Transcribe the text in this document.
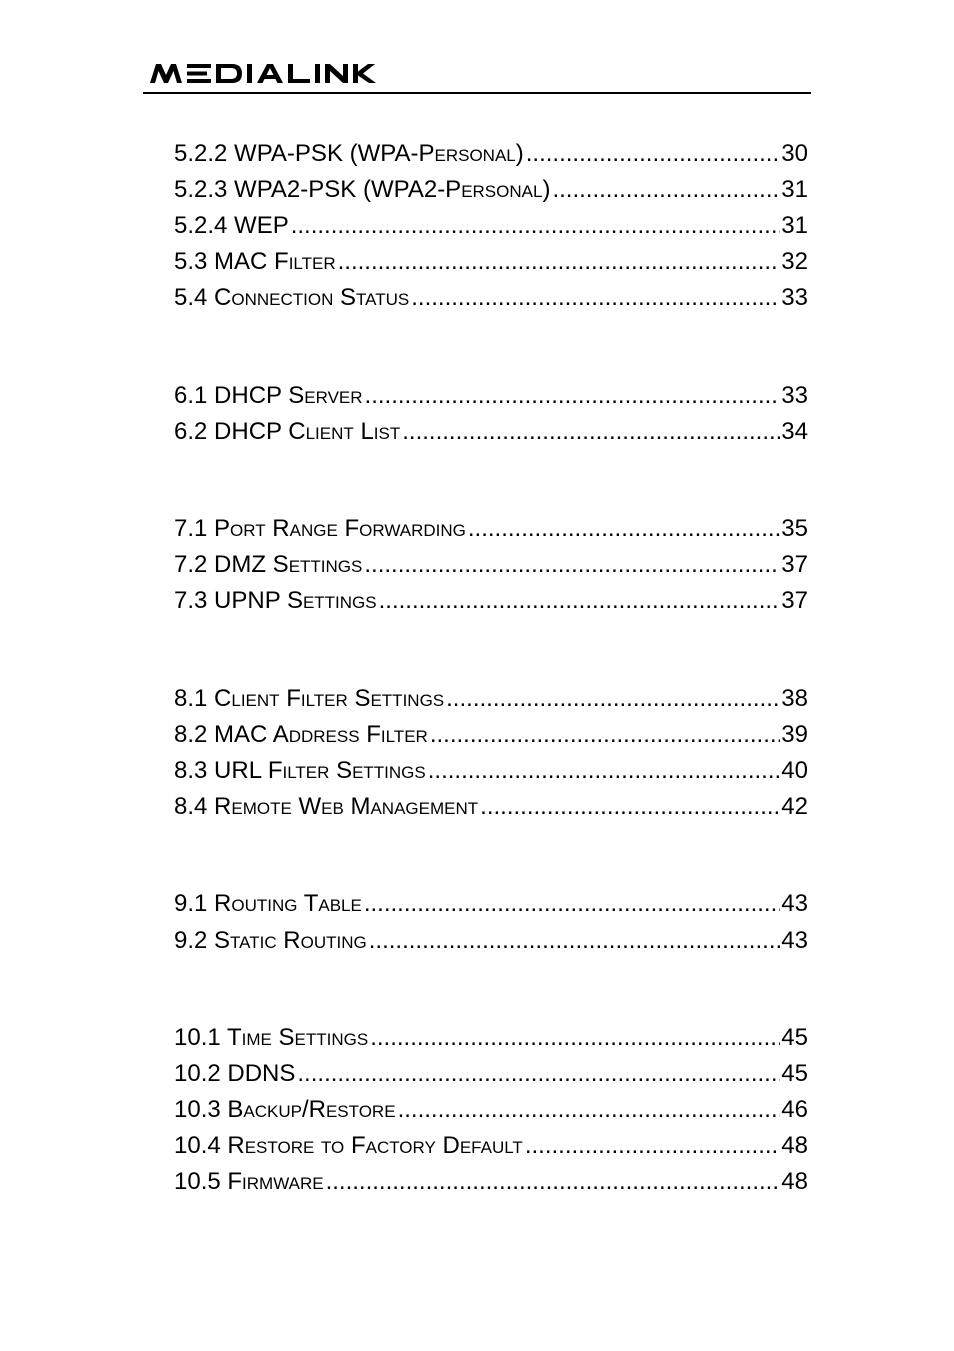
5.2.2 WPA-PSK (WPA-Personal) .....	30
5.2.3 WPA2-PSK (WPA2-Personal) .....	31
5.2.4 WEP .....	31
5.3 MAC Filter .....	32
5.4 Connection Status .....	33
6.1 DHCP Server .....	33
6.2 DHCP Client List .....	34
7.1 Port Range Forwarding .....	35
7.2 DMZ Settings .....	37
7.3 UPNP Settings .....	37
8.1 Client Filter Settings .....	38
8.2 MAC Address Filter .....	39
8.3 URL Filter Settings .....	40
8.4 Remote Web Management .....	42
9.1 Routing Table .....	43
9.2 Static Routing .....	43
10.1 Time Settings .....	45
10.2 DDNS .....	45
10.3 Backup/Restore .....	46
10.4 Restore to Factory Default .....	48
10.5 Firmware .....	48
